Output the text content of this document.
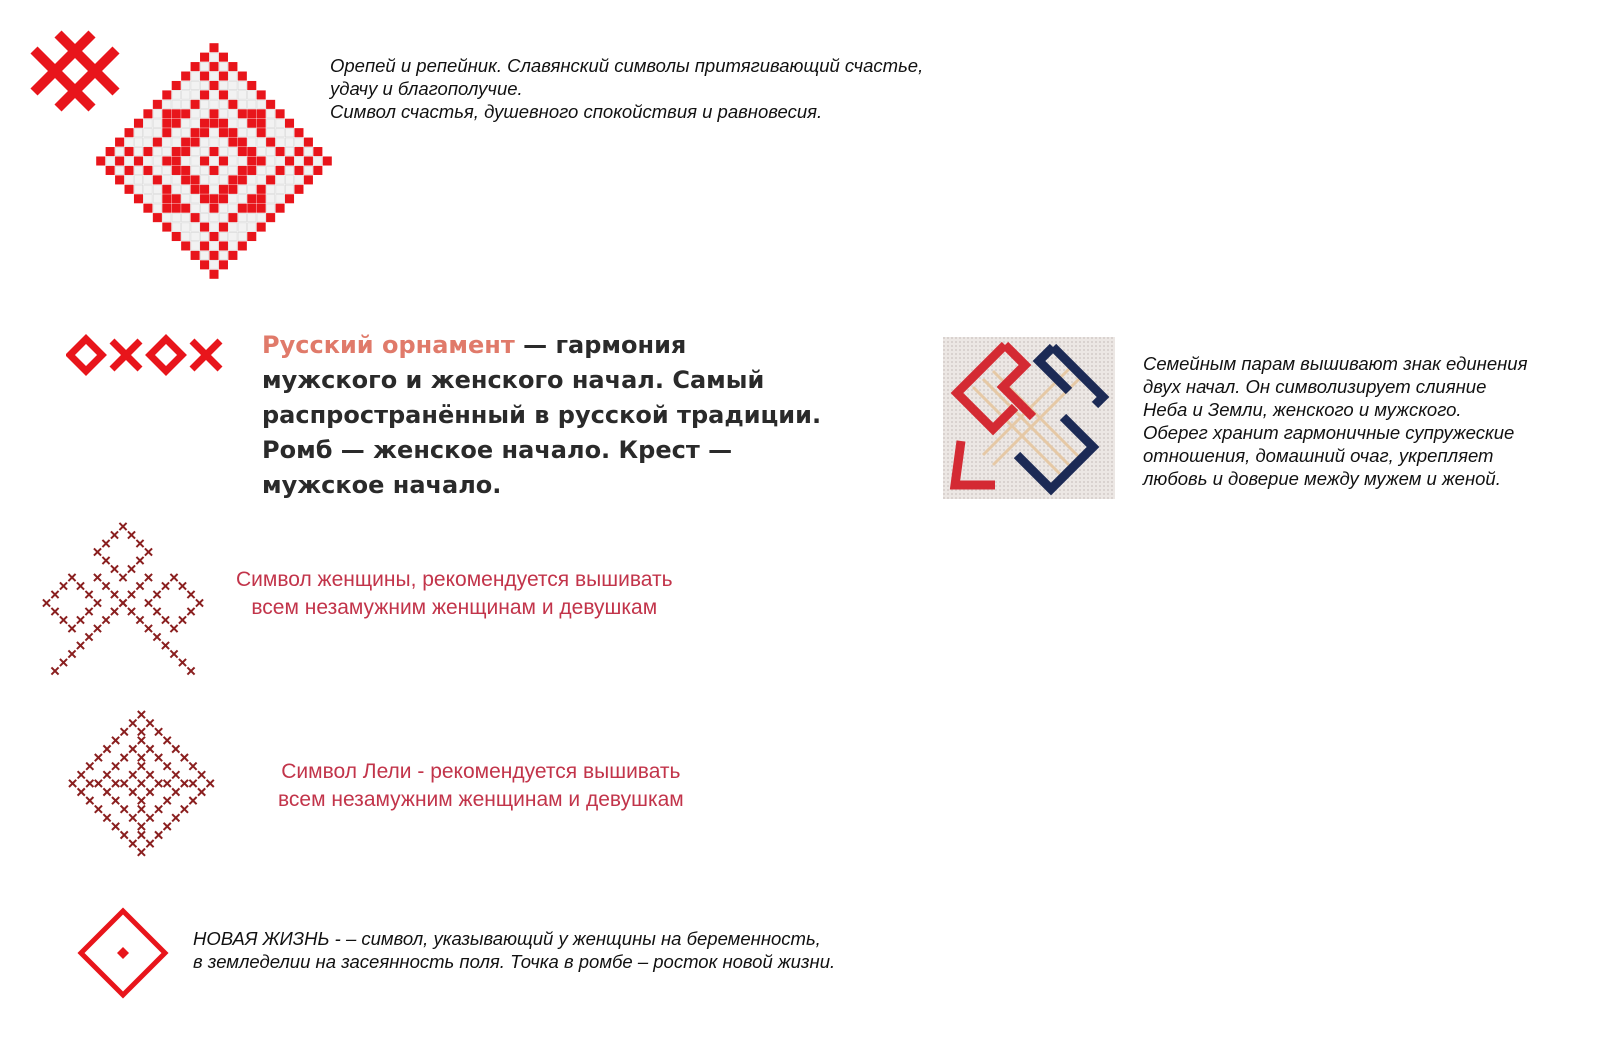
Орепей и репейник. Славянский символы притягивающий счастье,
удачу и благополучие.
Символ счастья, душевного спокойствия и равновесия.
Русский орнамент — гармония
мужского и женского начал. Самый
распространённый в русской традиции.
Ромб — женское начало. Крест —
мужское начало.
Семейным парам вышивают знак единения
двух начал. Он символизирует слияние
Неба и Земли, женского и мужского.
Оберег хранит гармоничные супружеские
отношения, домашний очаг, укрепляет
любовь и доверие между мужем и женой.
Символ женщины, рекомендуется вышивать
всем незамужним женщинам и девушкам
Символ Лели - рекомендуется вышивать
всем незамужним женщинам и девушкам
НОВАЯ ЖИЗНЬ - – символ, указывающий у женщины на беременность,
в земледелии на засеянность поля. Точка в ромбе – росток новой жизни.
